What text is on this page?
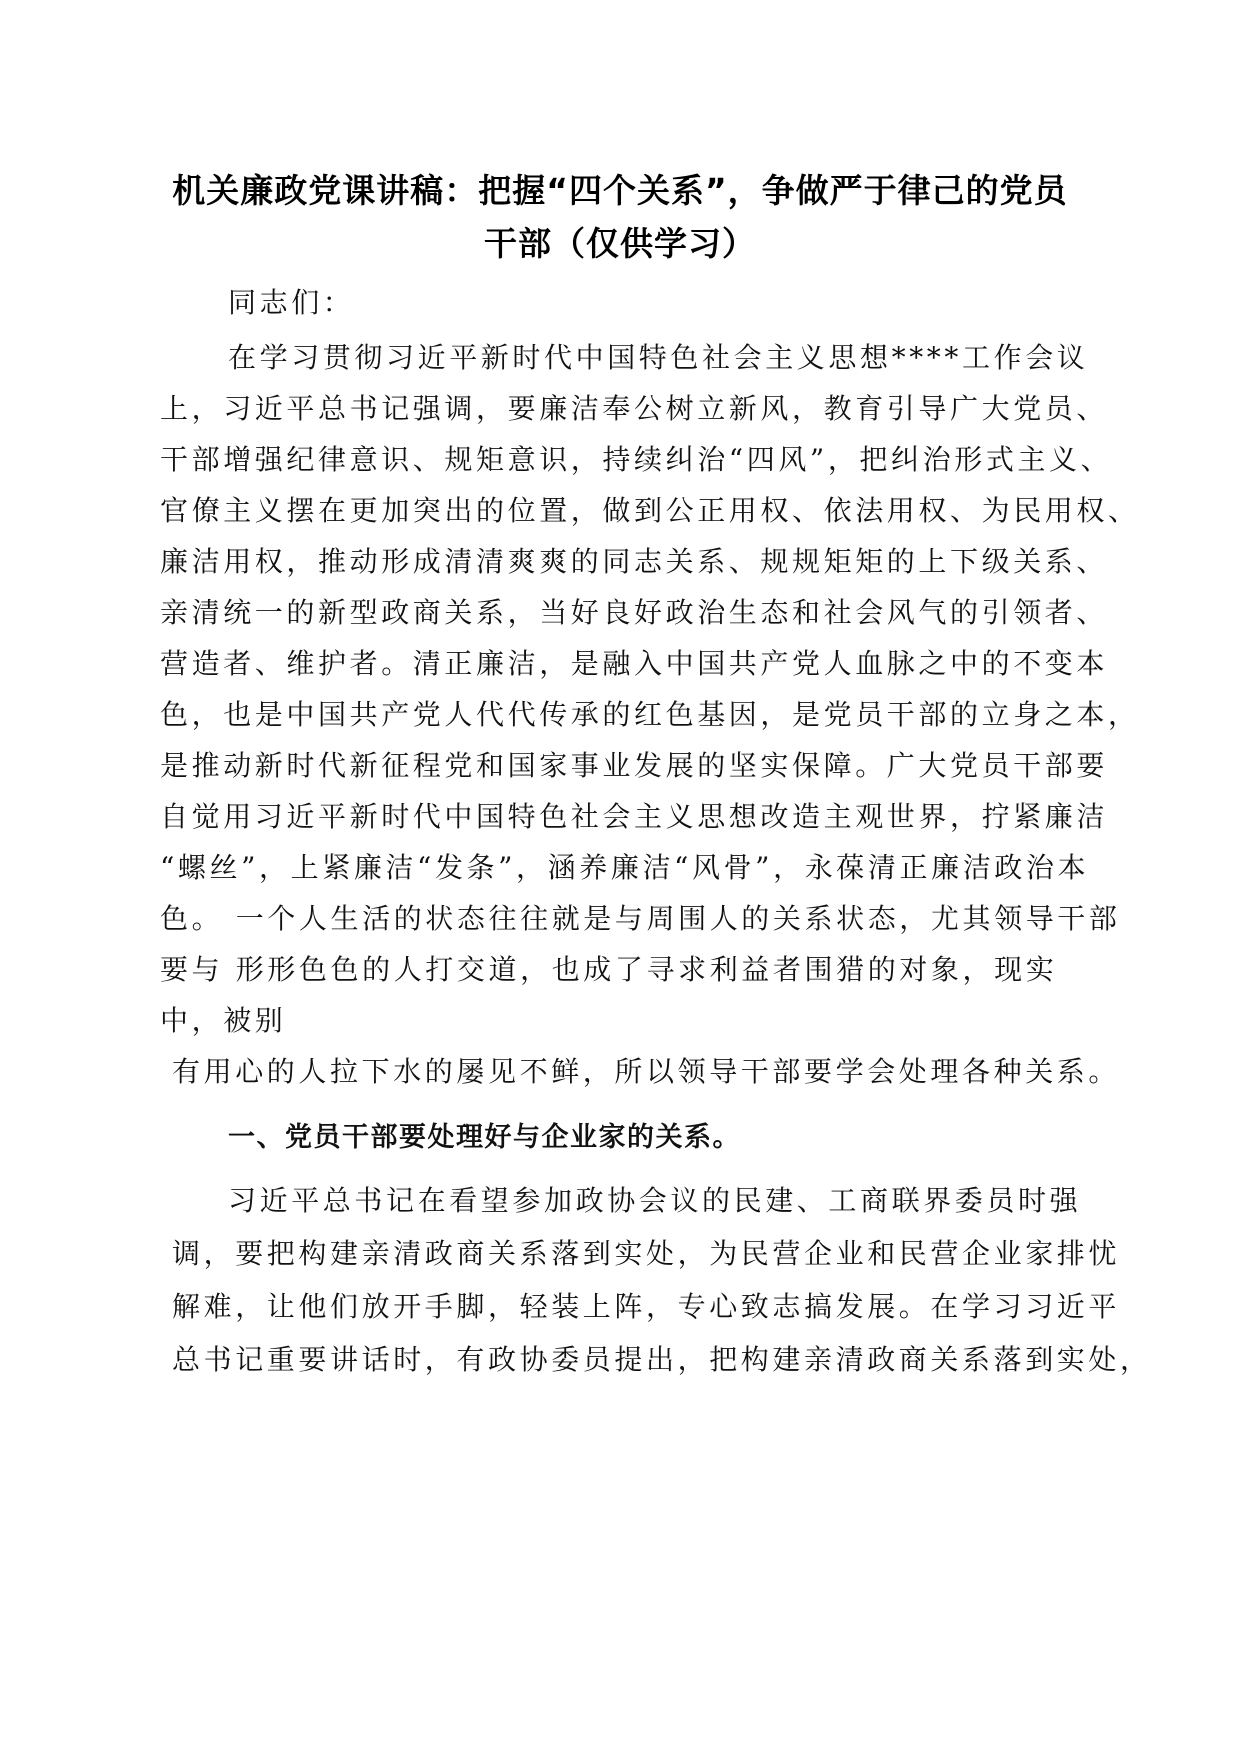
机关廉政党课讲稿：把握“四个关系”，争做严于律己的党员
干部（仅供学习）
同志们：
在学习贯彻习近平新时代中国特色社会主义思想****工作会议
上，习近平总书记强调，要廉洁奉公树立新风，教育引导广大党员、
干部增强纪律意识、规矩意识，持续纠治“四风”，把纠治形式主义、
官僚主义摆在更加突出的位置，做到公正用权、依法用权、为民用权、
廉洁用权，推动形成清清爽爽的同志关系、规规矩矩的上下级关系、
亲清统一的新型政商关系，当好良好政治生态和社会风气的引领者、
营造者、维护者。清正廉洁，是融入中国共产党人血脉之中的不变本
色，也是中国共产党人代代传承的红色基因，是党员干部的立身之本，
是推动新时代新征程党和国家事业发展的坚实保障。广大党员干部要
自觉用习近平新时代中国特色社会主义思想改造主观世界，拧紧廉洁
“螺丝”，上紧廉洁“发条”，涵养廉洁“风骨”，永葆清正廉洁政治本
色。 一个人生活的状态往往就是与周围人的关系状态，尤其领导干部
要与 形形色色的人打交道，也成了寻求利益者围猎的对象，现实
中，被别
有用心的人拉下水的屡见不鲜，所以领导干部要学会处理各种关系。
一、党员干部要处理好与企业家的关系。
习近平总书记在看望参加政协会议的民建、工商联界委员时强
调，要把构建亲清政商关系落到实处，为民营企业和民营企业家排忧
解难，让他们放开手脚，轻装上阵，专心致志搞发展。在学习习近平
总书记重要讲话时，有政协委员提出，把构建亲清政商关系落到实处，
